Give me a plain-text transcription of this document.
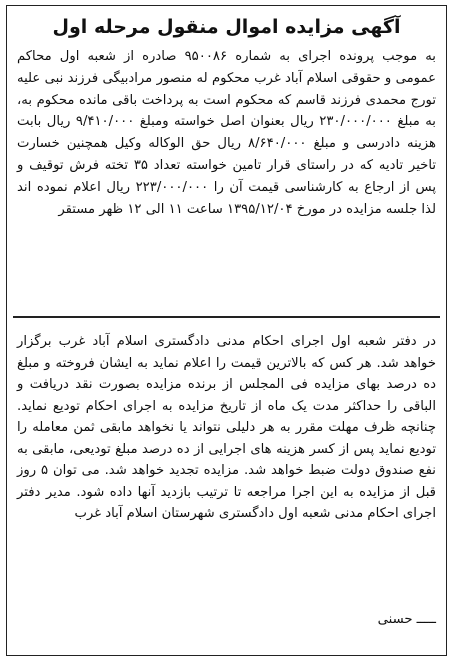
آگهی مزایده اموال منقول مرحله اول

به موجب پرونده اجرای به شماره ۹۵۰۰۸۶ صادره از شعبه اول محاکم عمومی و حقوقی اسلام آباد غرب محکوم له منصور مرادبیگی فرزند نبی علیه تورج محمدی فرزند قاسم که محکوم است به پرداخت باقی مانده محکوم به، به مبلغ ۲۳۰/۰۰۰/۰۰۰ ریال بعنوان اصل خواسته ومبلغ ۹/۴۱۰/۰۰۰ ریال بابت هزینه دادرسی و مبلغ ۸/۶۴۰/۰۰۰ ریال حق الوکاله وکیل همچنین خسارت تاخیر تادیه که در راستای قرار تامین خواسته تعداد ۳۵ تخته فرش توقیف و پس از ارجاع به کارشناسی قیمت آن را ۲۲۳/۰۰۰/۰۰۰ ریال اعلام نموده اند لذا جلسه مزایده در مورخ ۱۳۹۵/۱۲/۰۴ ساعت ۱۱ الی ۱۲ ظهر مستقر

در دفتر شعبه اول اجرای احکام مدنی دادگستری اسلام آباد غرب برگزار خواهد شد. هر کس که بالاترین قیمت را اعلام نماید به ایشان فروخته و مبلغ ده درصد بهای مزایده فی المجلس از برنده مزایده بصورت نقد دریافت و الباقی را حداکثر مدت یک ماه از تاریخ مزایده به اجرای احکام تودیع نماید. چنانچه ظرف مهلت مقرر به هر دلیلی نتواند یا نخواهد مابقی ثمن معامله را تودیع نماید پس از کسر هزینه های اجرایی از ده درصد مبلغ تودیعی، مابقی به نفع صندوق دولت ضبط خواهد شد. مزایده تجدید خواهد شد. می توان ۵ روز قبل از مزایده به این اجرا مراجعه تا ترتیب بازدید آنها داده شود. مدیر دفتر اجرای احکام مدنی شعبه اول دادگستری شهرستان اسلام آباد غرب

ـــــ حسنی
